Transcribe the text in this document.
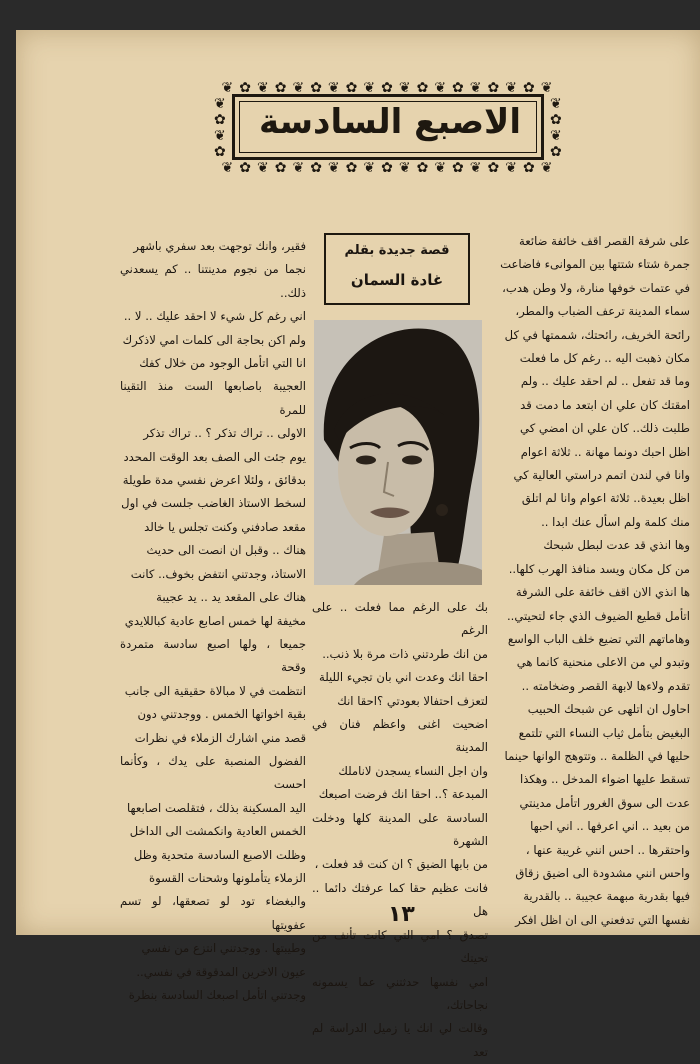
❦✿❦✿❦✿❦✿❦✿❦✿❦✿❦✿❦✿❦
❦
✿
❦
✿
❦
✿
❦
✿
الاصبع السادسة
❦✿❦✿❦✿❦✿❦✿❦✿❦✿❦✿❦✿❦

على شرفة القصر اقف خائفة ضائعة

جمرة شتاء شتتها بين الموانىء فاضاعت

في عتمات خوفها منارة، ولا وطن هدب،

سماء المدينة ترعف الضباب والمطر،

رائحة الخريف، رائحتك، شممتها في كل

مكان ذهبت اليه .. رغم كل ما فعلت

وما قد تفعل .. لم احقد عليك .. ولم

امقتك كان علي ان ابتعد ما دمت قد

طلبت ذلك.. كان علي ان امضي كي

اظل احبك دونما مهانة .. ثلاثة اعوام

وانا في لندن اتمم دراستي العالية كي

اظل بعيدة.. ثلاثة اعوام وانا لم اتلق

منك كلمة ولم اسأل عنك ابدا ..

وها انذي قد عدت لبطل شبحك

من كل مكان ويسد منافذ الهرب كلها..

ها انذي الان اقف خائفة على الشرفة

اتأمل قطيع الضيوف الذي جاء لتحيتي..

وهاماتهم التي تضيع خلف الباب الواسع

وتبدو لي من الاعلى منحنية كانما هي

تقدم ولاءها لابهة القصر وضخامته ..

احاول ان اتلهى عن شبحك الحبيب

البغيض بتأمل ثياب النساء التي تلتمع

حليها في الظلمة .. وتتوهج الوانها حينما

تسقط عليها اضواء المدخل .. وهكذا

عدت الى سوق الغرور اتأمل مدينتي

من بعيد .. اني اعرفها .. اني احبها

واحتقرها .. احس انني غريبة عنها ،

واحس انني مشدودة الى اضيق زقاق

فيها بقدرية مبهمة عجيبة .. بالقدرية

نفسها التي تدفعني الى ان اظل افكر

قصة جديدة بقلم
غادة السمان

بك على الرغم مما فعلت .. على الرغم

من انك طردتني ذات مرة بلا ذنب..

احقا انك وعدت اني بان تجيء الليلة

لتعزف احتفالا بعودتي ؟احقا انك

اضحيت اغنى واعظم فنان في المدينة

وان اجل النساء يسجدن لاناملك

المبدعة ؟.. احقا انك فرضت اصبعك

السادسة على المدينة كلها ودخلت الشهرة

من بابها الضيق ؟ ان كنت قد فعلت ،

فانت عظيم حقا كما عرفتك دائما .. هل

تصدق ؟ امي التي كانت تأنف من تحيتك

امي نفسها حدثتني عما يسمونه نجاحاتك،

وقالت لي انك يا زميل الدراسة لم تعد

فقير، وانك توجهت بعد سفري باشهر

نجما من نجوم مدينتنا .. كم يسعدني ذلك..

اني رغم كل شيء لا احقد عليك .. لا ..

ولم اكن بحاجة الى كلمات امي لاذكرك

انا التي اتأمل الوجود من خلال كفك

العجيبة باصابعها الست منذ التقينا للمرة

الاولى .. تراك تذكر ؟ .. تراك تذكر

يوم جئت الى الصف بعد الوقت المحدد

بدقائق ، ولئلا اعرض نفسي مدة طويلة

لسخط الاستاذ الغاضب جلست في اول

مقعد صادفني وكنت تجلس يا خالد

هناك .. وقبل ان انصت الى حديث

الاستاذ، وجدتني انتفض بخوف.. كانت

هناك على المقعد يد .. يد عجيبة

مخيفة لها خمس اصابع عادية كباللايدي

جميعا ، ولها اصبع سادسة متمردة وقحة

انتظمت في لا مبالاة حقيقية الى جانب

بقية اخواتها الخمس . ووجدتني دون

قصد مني اشارك الزملاء في نظرات

الفضول المنصبة على يدك ، وكأنما احست

اليد المسكينة بذلك ، فتقلصت اصابعها

الخمس العادية وانكمشت الى الداخل

وظلت الاصبع السادسة متحدية وظل

الزملاء يتأملونها وشحنات القسوة

والبغضاء تود لو تصعقها، لو تسم عفويتها

وطيبتها . ووجدتني انتزع من نفسي

عيون الاخرين المدقوقة في نفسي..

وجدتني اتأمل اصبعك السادسة بنظرة

١٣
